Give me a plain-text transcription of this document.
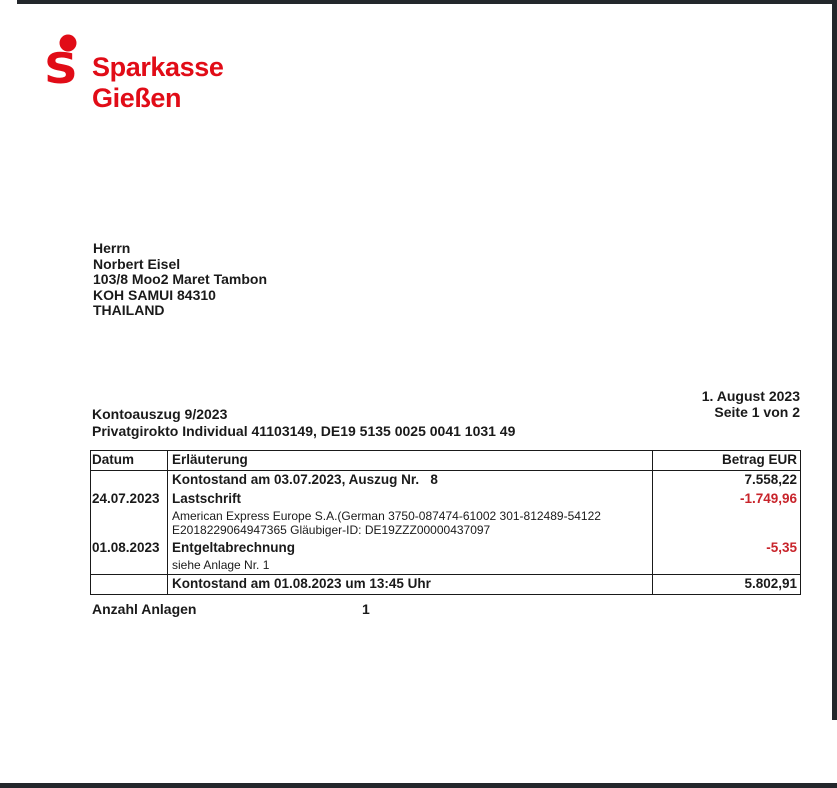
S Sparkasse
Gießen
Herrn
Norbert Eisel
103/8 Moo2 Maret Tambon
KOH SAMUI 84310
THAILAND
1. August 2023
Seite 1 von 2
Kontoauszug 9/2023
Privatgirokto Individual 41103149, DE19 5135 0025 0041 1031 49
Datum	Erläuterung	Betrag EUR
Kontostand am 03.07.2023, Auszug Nr.   8	7.558,22
24.07.2023 Lastschrift	-1.749,96
American Express Europe S.A.(German 3750-087474-61002 301-812489-54122
E2018229064947365 Gläubiger-ID: DE19ZZZ00000437097
01.08.2023 Entgeltabrechnung	-5,35
siehe Anlage Nr. 1
Kontostand am 01.08.2023 um 13:45 Uhr	5.802,91
Anzahl Anlagen	1
